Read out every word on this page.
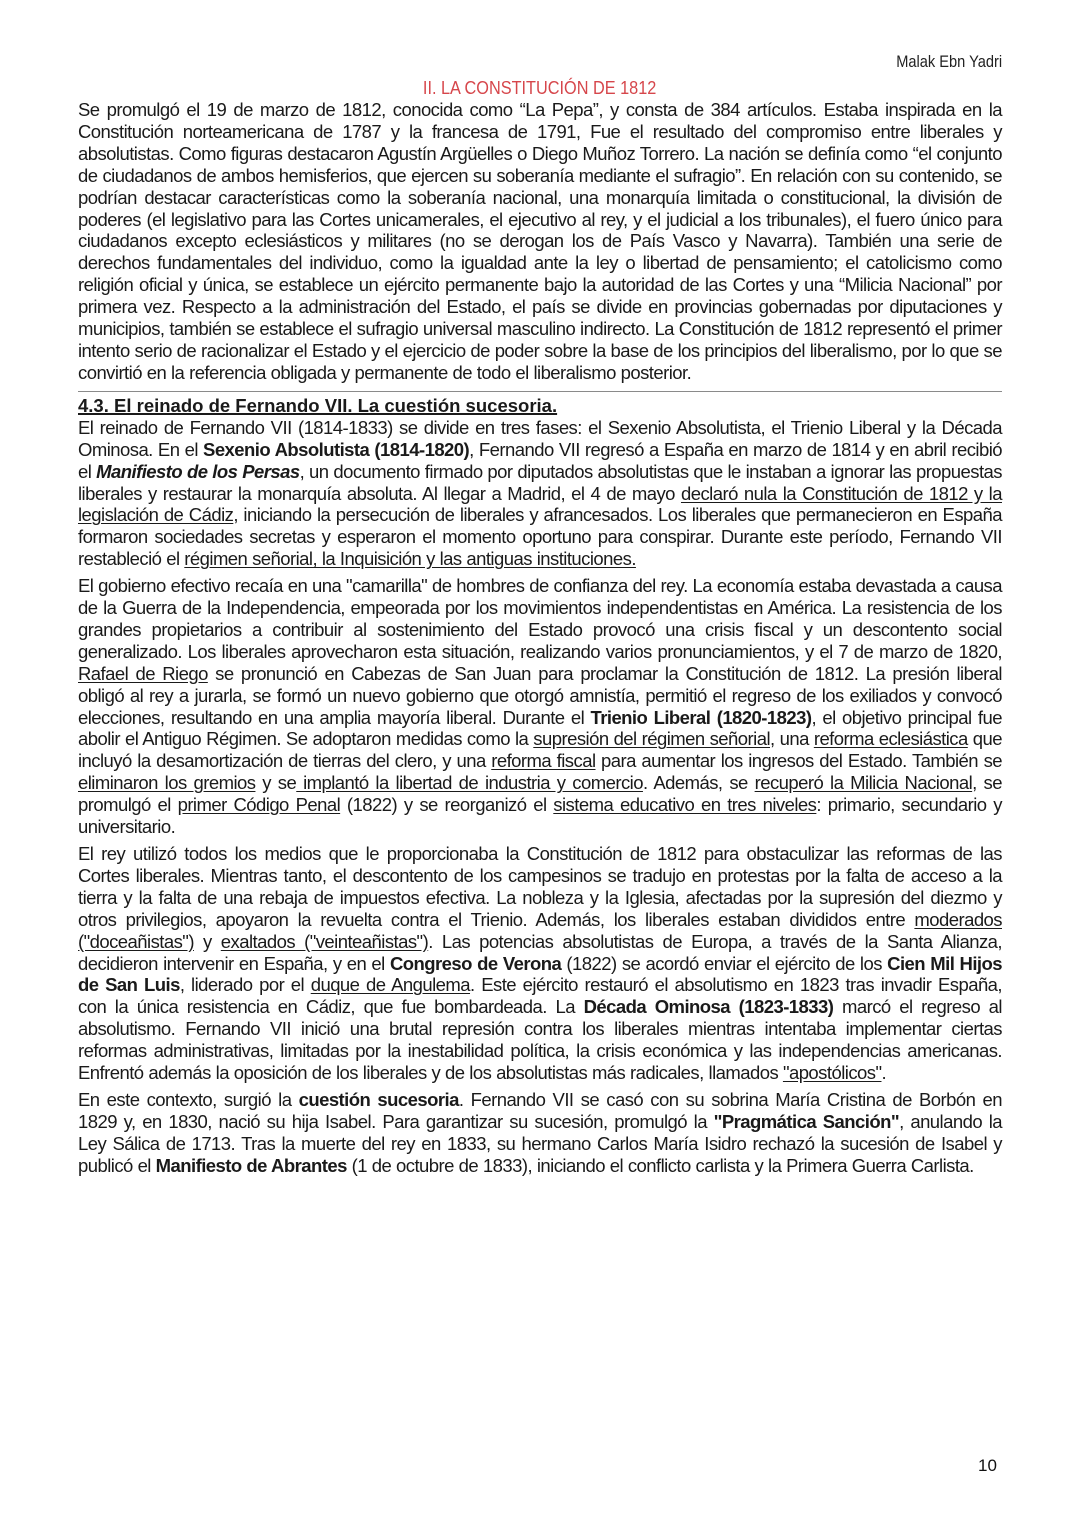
Malak Ebn Yadri
II. LA CONSTITUCIÓN DE 1812

Se promulgó el 19 de marzo de 1812, conocida como “La Pepa”, y consta de 384 artículos. Estaba inspirada en la Constitución norteamericana de 1787 y la francesa de 1791, Fue el resultado del compromiso entre liberales y absolutistas. Como figuras destacaron Agustín Argüelles o Diego Muñoz Torrero. La nación se definía como “el conjunto de ciudadanos de ambos hemisferios, que ejercen su soberanía mediante el sufragio”. En relación con su contenido, se podrían destacar características como la soberanía nacional, una monarquía limitada o constitucional, la división de poderes (el legislativo para las Cortes unicamerales, el ejecutivo al rey, y el judicial a los tribunales), el fuero único para ciudadanos excepto eclesiásticos y militares (no se derogan los de País Vasco y Navarra). También una serie de derechos fundamentales del individuo, como la igualdad ante la ley o libertad de pensamiento; el catolicismo como religión oficial y única, se establece un ejército permanente bajo la autoridad de las Cortes y una “Milicia Nacional” por primera vez. Respecto a la administración del Estado, el país se divide en provincias gobernadas por diputaciones y municipios, también se establece el sufragio universal masculino indirecto. La Constitución de 1812 representó el primer intento serio de racionalizar el Estado y el ejercicio de poder sobre la base de los principios del liberalismo, por lo que se convirtió en la referencia obligada y permanente de todo el liberalismo posterior.

4.3. El reinado de Fernando VII. La cuestión sucesoria.

El reinado de Fernando VII (1814-1833) se divide en tres fases: el Sexenio Absolutista, el Trienio Liberal y la Década Ominosa. En el Sexenio Absolutista (1814-1820), Fernando VII regresó a España en marzo de 1814 y en abril recibió el Manifiesto de los Persas, un documento firmado por diputados absolutistas que le instaban a ignorar las propuestas liberales y restaurar la monarquía absoluta. Al llegar a Madrid, el 4 de mayo declaró nula la Constitución de 1812 y la legislación de Cádiz, iniciando la persecución de liberales y afrancesados. Los liberales que permanecieron en España formaron sociedades secretas y esperaron el momento oportuno para conspirar. Durante este período, Fernando VII restableció el régimen señorial, la Inquisición y las antiguas instituciones.

El gobierno efectivo recaía en una "camarilla" de hombres de confianza del rey. La economía estaba devastada a causa de la Guerra de la Independencia, empeorada por los movimientos independentistas en América. La resistencia de los grandes propietarios a contribuir al sostenimiento del Estado provocó una crisis fiscal y un descontento social generalizado. Los liberales aprovecharon esta situación, realizando varios pronunciamientos, y el 7 de marzo de 1820, Rafael de Riego se pronunció en Cabezas de San Juan para proclamar la Constitución de 1812. La presión liberal obligó al rey a jurarla, se formó un nuevo gobierno que otorgó amnistía, permitió el regreso de los exiliados y convocó elecciones, resultando en una amplia mayoría liberal. Durante el Trienio Liberal (1820-1823), el objetivo principal fue abolir el Antiguo Régimen. Se adoptaron medidas como la supresión del régimen señorial, una reforma eclesiástica que incluyó la desamortización de tierras del clero, y una reforma fiscal para aumentar los ingresos del Estado. También se eliminaron los gremios y se implantó la libertad de industria y comercio. Además, se recuperó la Milicia Nacional, se promulgó el primer Código Penal (1822) y se reorganizó el sistema educativo en tres niveles: primario, secundario y universitario.

El rey utilizó todos los medios que le proporcionaba la Constitución de 1812 para obstaculizar las reformas de las Cortes liberales. Mientras tanto, el descontento de los campesinos se tradujo en protestas por la falta de acceso a la tierra y la falta de una rebaja de impuestos efectiva. La nobleza y la Iglesia, afectadas por la supresión del diezmo y otros privilegios, apoyaron la revuelta contra el Trienio. Además, los liberales estaban divididos entre moderados ("doceañistas") y exaltados ("veinteañistas"). Las potencias absolutistas de Europa, a través de la Santa Alianza, decidieron intervenir en España, y en el Congreso de Verona (1822) se acordó enviar el ejército de los Cien Mil Hijos de San Luis, liderado por el duque de Angulema. Este ejército restauró el absolutismo en 1823 tras invadir España, con la única resistencia en Cádiz, que fue bombardeada. La Década Ominosa (1823-1833) marcó el regreso al absolutismo. Fernando VII inició una brutal represión contra los liberales mientras intentaba implementar ciertas reformas administrativas, limitadas por la inestabilidad política, la crisis económica y las independencias americanas. Enfrentó además la oposición de los liberales y de los absolutistas más radicales, llamados "apostólicos".

En este contexto, surgió la cuestión sucesoria. Fernando VII se casó con su sobrina María Cristina de Borbón en 1829 y, en 1830, nació su hija Isabel. Para garantizar su sucesión, promulgó la "Pragmática Sanción", anulando la Ley Sálica de 1713. Tras la muerte del rey en 1833, su hermano Carlos María Isidro rechazó la sucesión de Isabel y publicó el Manifiesto de Abrantes (1 de octubre de 1833), iniciando el conflicto carlista y la Primera Guerra Carlista.

10
